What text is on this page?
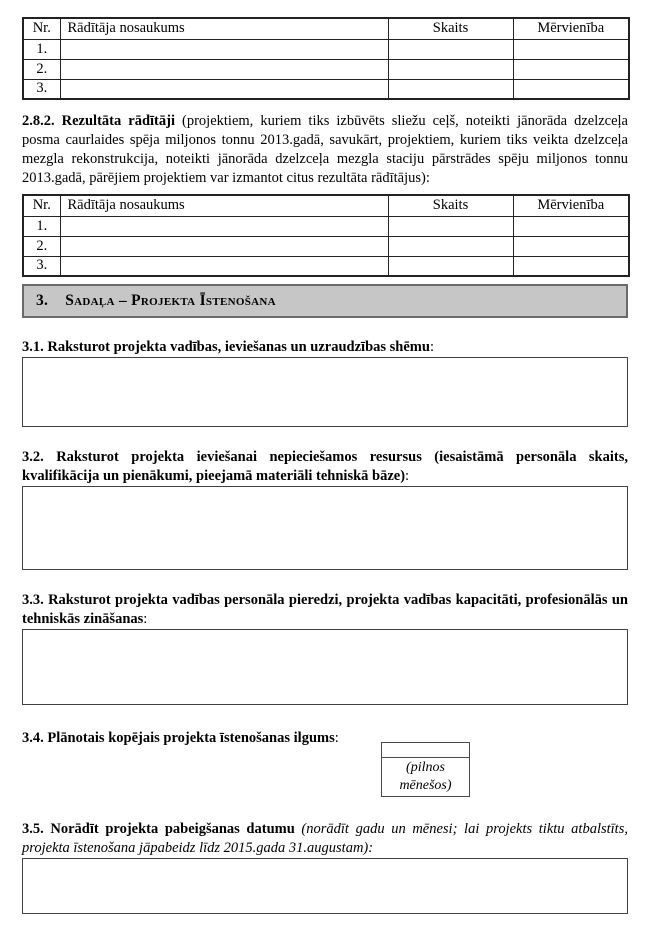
Nr.	Rādītāja nosaukums	Skaits	Mērvienība
1.			
2.			
3.			

2.8.2. Rezultāta rādītāji (projektiem, kuriem tiks izbūvēts sliežu ceļš, noteikti jānorāda dzelzceļa posma caurlaides spēja miljonos tonnu 2013.gadā, savukārt, projektiem, kuriem tiks veikta dzelzceļa mezgla rekonstrukcija, noteikti jānorāda dzelzceļa mezgla staciju pārstrādes spēju miljonos tonnu 2013.gadā, pārējiem projektiem var izmantot citus rezultāta rādītājus):

Nr.	Rādītāja nosaukums	Skaits	Mērvienība
1.			
2.			
3.			
3. Sadaļa – Projekta Īstenošana
3.1. Raksturot projekta vadības, ieviešanas un uzraudzības shēmu:
3.2. Raksturot projekta ieviešanai nepieciešamos resursus (iesaistāmā personāla skaits, kvalifikācija un pienākumi, pieejamā materiāli tehniskā bāze):
3.3. Raksturot projekta vadības personāla pieredzi, projekta vadības kapacitāti, profesionālās un tehniskās zināšanas:
3.4. Plānotais kopējais projekta īstenošanas ilgums:
(pilnos mēnešos)
3.5. Norādīt projekta pabeigšanas datumu (norādīt gadu un mēnesi; lai projekts tiktu atbalstīts, projekta īstenošana jāpabeidz līdz 2015.gada 31.augustam):
